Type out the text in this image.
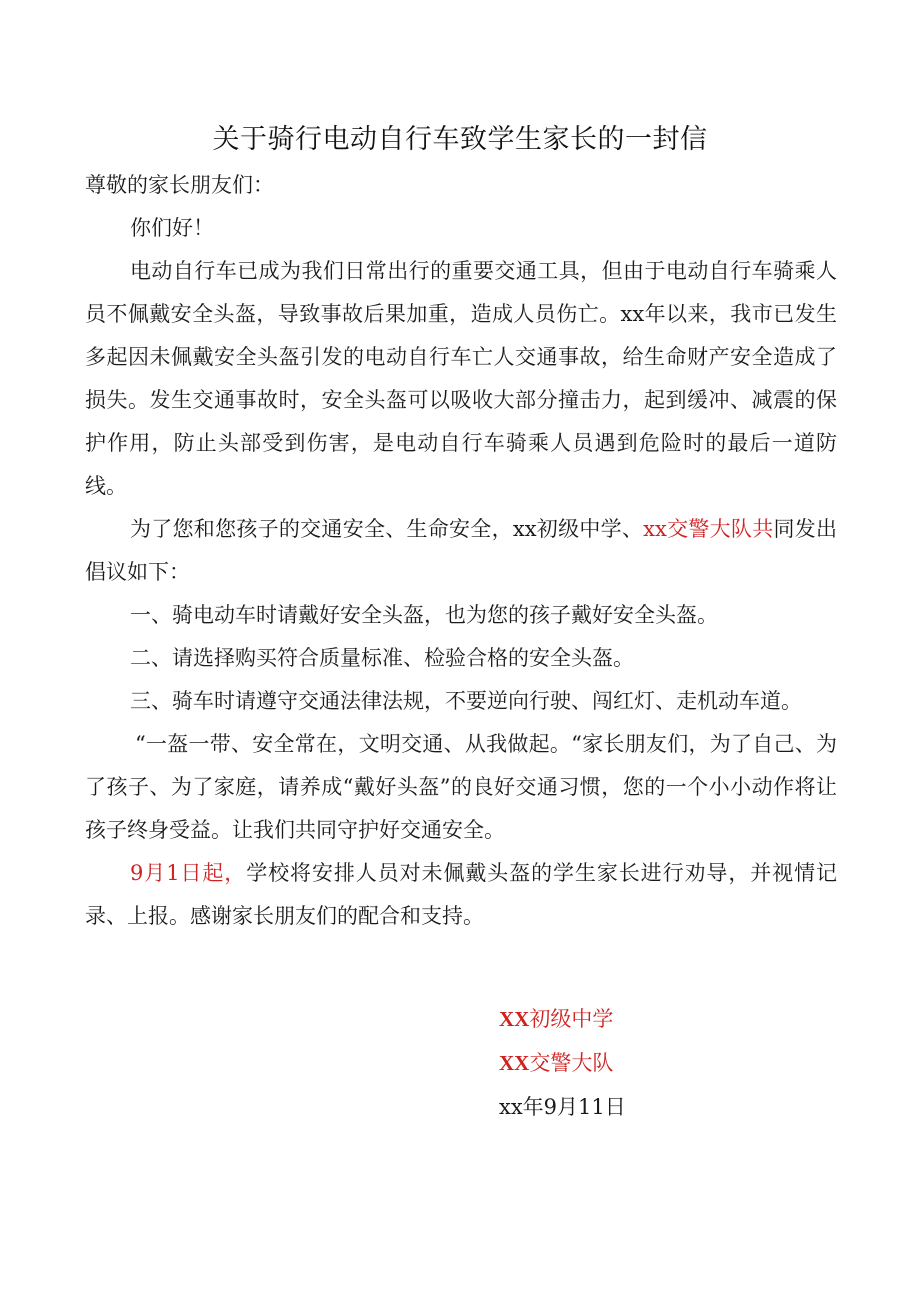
关于骑行电动自行车致学生家长的一封信

尊敬的家长朋友们：

你们好！

电动自行车已成为我们日常出行的重要交通工具，但由于电动自行车骑乘人员不佩戴安全头盔，导致事故后果加重，造成人员伤亡。xx年以来，我市已发生多起因未佩戴安全头盔引发的电动自行车亡人交通事故，给生命财产安全造成了损失。发生交通事故时，安全头盔可以吸收大部分撞击力，起到缓冲、减震的保护作用，防止头部受到伤害，是电动自行车骑乘人员遇到危险时的最后一道防线。

为了您和您孩子的交通安全、生命安全，xx初级中学、xx交警大队共同发出倡议如下：

一、骑电动车时请戴好安全头盔，也为您的孩子戴好安全头盔。

二、请选择购买符合质量标准、检验合格的安全头盔。

三、骑车时请遵守交通法律法规，不要逆向行驶、闯红灯、走机动车道。

“一盔一带、安全常在，文明交通、从我做起。“家长朋友们，为了自己、为了孩子、为了家庭，请养成“戴好头盔”的良好交通习惯，您的一个小小动作将让孩子终身受益。让我们共同守护好交通安全。

9月1日起，学校将安排人员对未佩戴头盔的学生家长进行劝导，并视情记录、上报。感谢家长朋友们的配合和支持。

XX初级中学

XX交警大队

xx年9月11日
